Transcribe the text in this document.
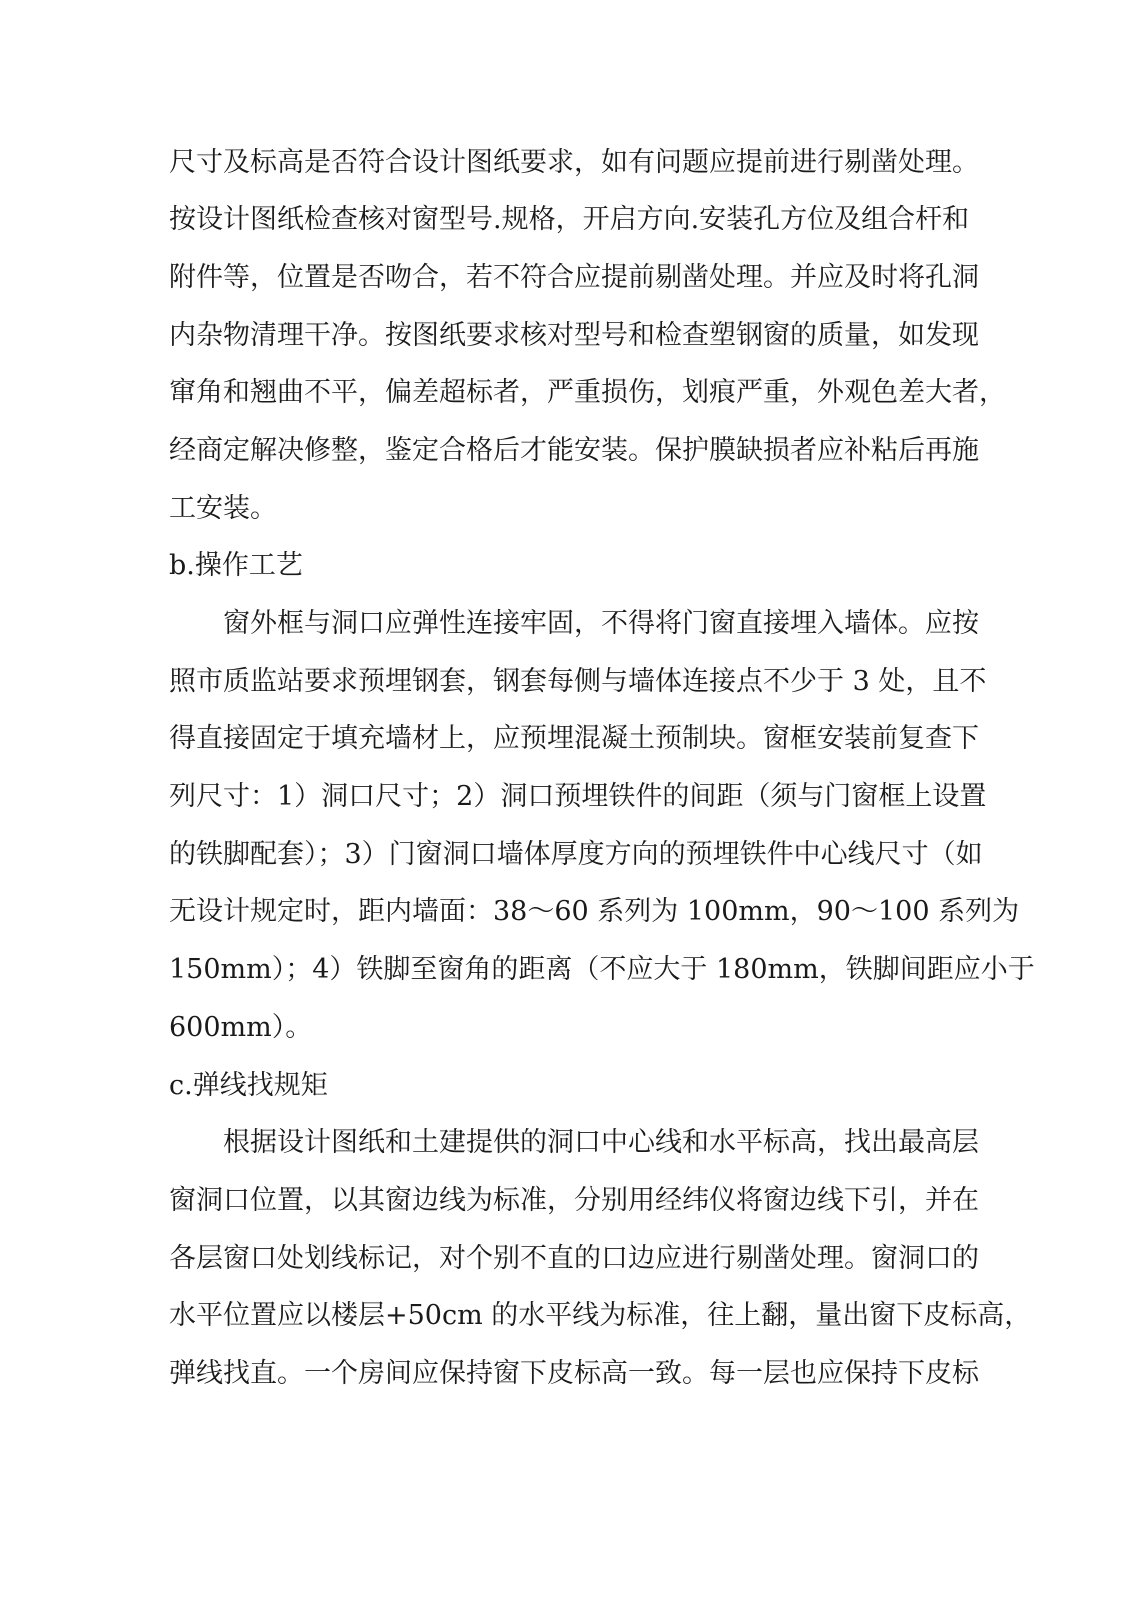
尺寸及标高是否符合设计图纸要求，如有问题应提前进行剔凿处理。

按设计图纸检查核对窗型号.规格，开启方向.安装孔方位及组合杆和

附件等，位置是否吻合，若不符合应提前剔凿处理。并应及时将孔洞

内杂物清理干净。按图纸要求核对型号和检查塑钢窗的质量，如发现

窜角和翘曲不平，偏差超标者，严重损伤，划痕严重，外观色差大者，

经商定解决修整，鉴定合格后才能安装。保护膜缺损者应补粘后再施

工安装。

b.操作工艺

窗外框与洞口应弹性连接牢固，不得将门窗直接埋入墙体。应按

照市质监站要求预埋钢套，钢套每侧与墙体连接点不少于 3 处，且不

得直接固定于填充墙材上，应预埋混凝土预制块。窗框安装前复查下

列尺寸：1）洞口尺寸；2）洞口预埋铁件的间距（须与门窗框上设置

的铁脚配套）；3）门窗洞口墙体厚度方向的预埋铁件中心线尺寸（如

无设计规定时，距内墙面：38～60 系列为 100mm，90～100 系列为

150mm）；4）铁脚至窗角的距离（不应大于 180mm，铁脚间距应小于

600mm）。

c.弹线找规矩

根据设计图纸和土建提供的洞口中心线和水平标高，找出最高层

窗洞口位置，以其窗边线为标准，分别用经纬仪将窗边线下引，并在

各层窗口处划线标记，对个别不直的口边应进行剔凿处理。窗洞口的

水平位置应以楼层+50cm 的水平线为标准，往上翻，量出窗下皮标高，

弹线找直。一个房间应保持窗下皮标高一致。每一层也应保持下皮标
